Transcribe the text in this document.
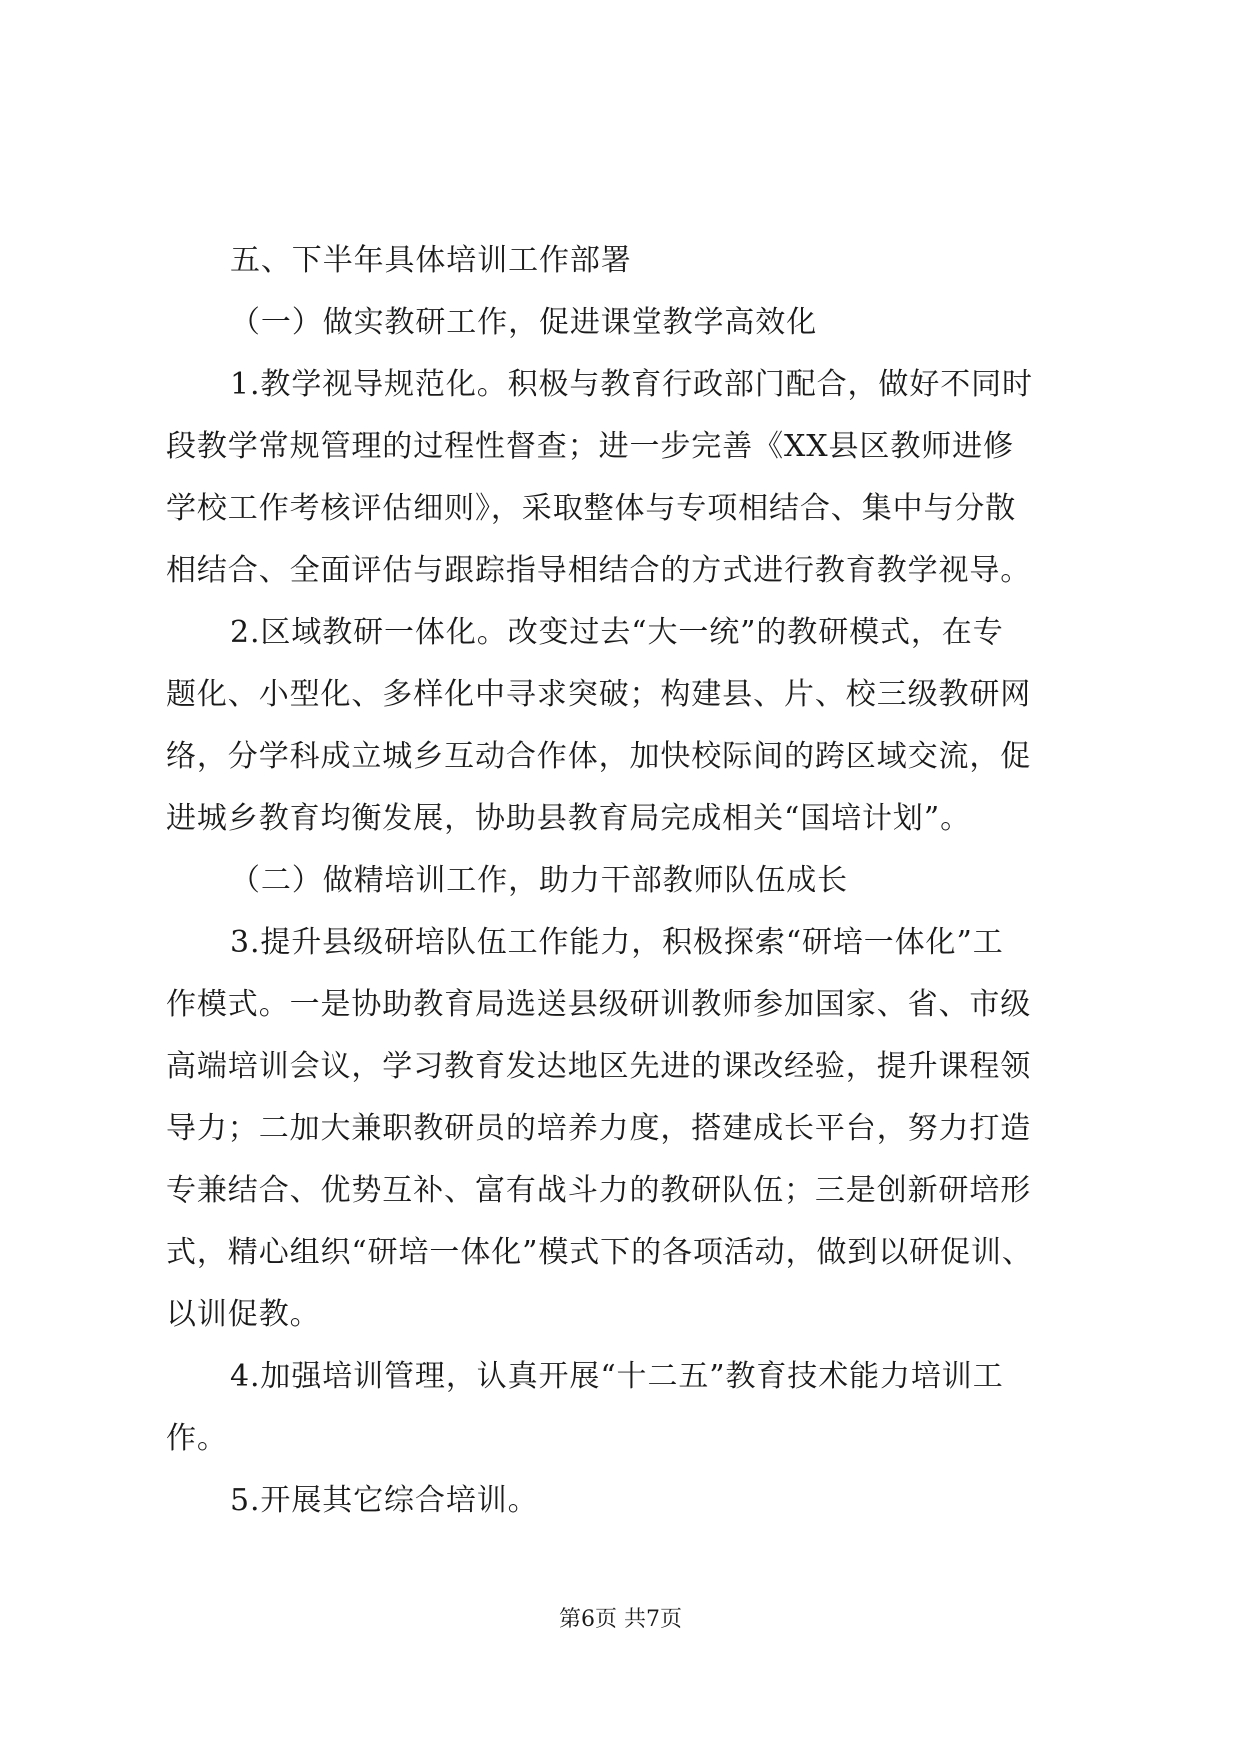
五、下半年具体培训工作部署
（一）做实教研工作，促进课堂教学高效化
1.教学视导规范化。积极与教育行政部门配合，做好不同时
段教学常规管理的过程性督查；进一步完善《XX县区教师进修
学校工作考核评估细则》，采取整体与专项相结合、集中与分散
相结合、全面评估与跟踪指导相结合的方式进行教育教学视导。
2.区域教研一体化。改变过去“大一统”的教研模式，在专
题化、小型化、多样化中寻求突破；构建县、片、校三级教研网
络，分学科成立城乡互动合作体，加快校际间的跨区域交流，促
进城乡教育均衡发展，协助县教育局完成相关“国培计划”。
（二）做精培训工作，助力干部教师队伍成长
3.提升县级研培队伍工作能力，积极探索“研培一体化”工
作模式。一是协助教育局选送县级研训教师参加国家、省、市级
高端培训会议，学习教育发达地区先进的课改经验，提升课程领
导力；二加大兼职教研员的培养力度，搭建成长平台，努力打造
专兼结合、优势互补、富有战斗力的教研队伍；三是创新研培形
式，精心组织“研培一体化”模式下的各项活动，做到以研促训、
以训促教。
4.加强培训管理，认真开展“十二五”教育技术能力培训工
作。
5.开展其它综合培训。
第6页 共7页
